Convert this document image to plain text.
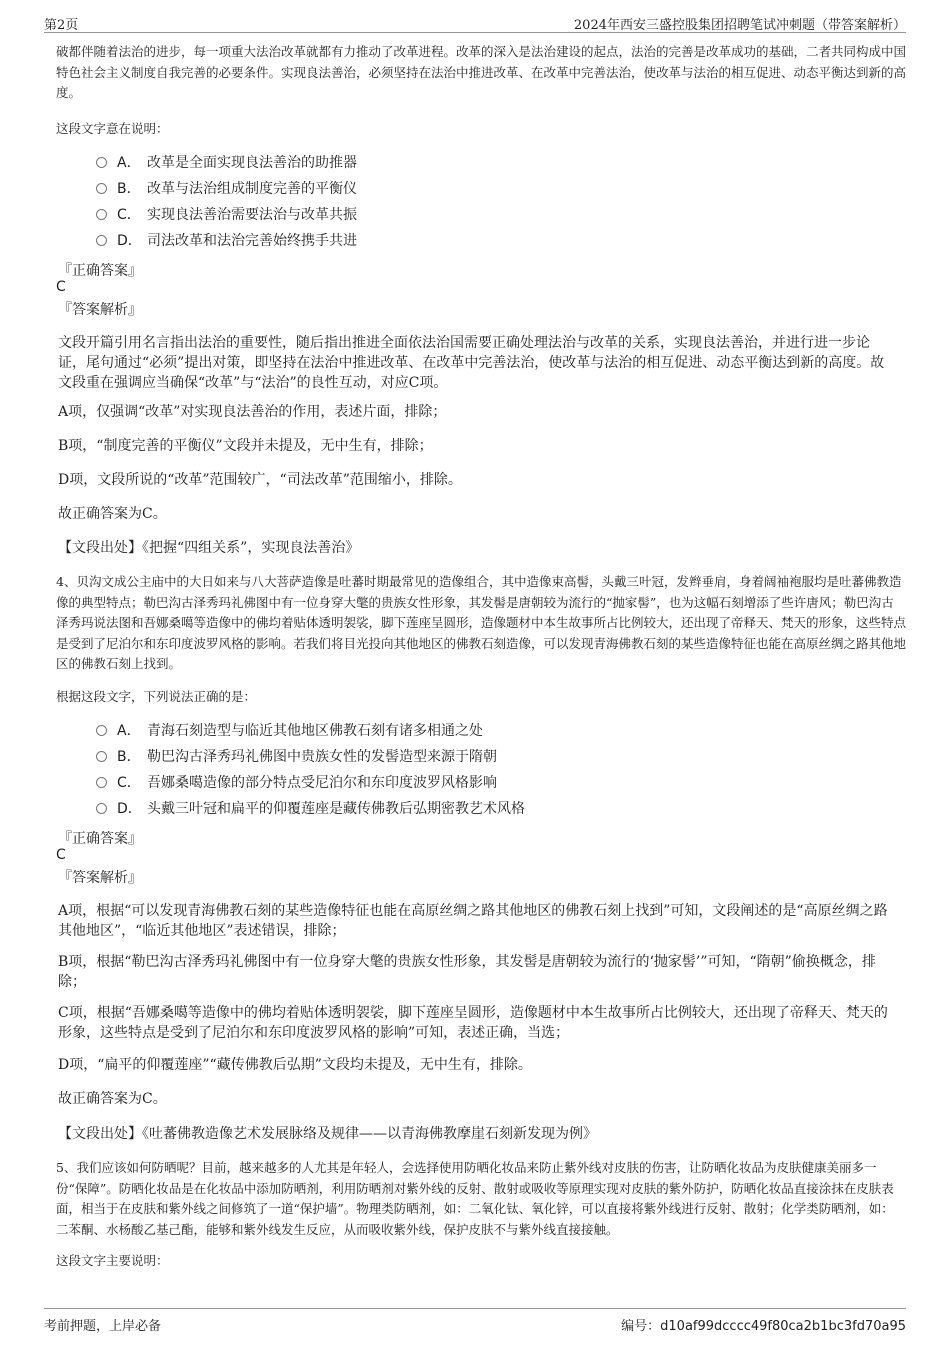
第2页	2024年西安三盛控股集团招聘笔试冲刺题（带答案解析）
破都伴随着法治的进步，每一项重大法治改革就都有力推动了改革进程。改革的深入是法治建设的起点，法治的完善是改革成功的基础，二者共同构成中国特色社会主义制度自我完善的必要条件。实现良法善治，必须坚持在法治中推进改革、在改革中完善法治，使改革与法治的相互促进、动态平衡达到新的高度。
这段文字意在说明：
A． 改革是全面实现良法善治的助推器
B． 改革与法治组成制度完善的平衡仪
C． 实现良法善治需要法治与改革共振
D． 司法改革和法治完善始终携手共进
『正确答案』
C
『答案解析』
文段开篇引用名言指出法治的重要性，随后指出推进全面依法治国需要正确处理法治与改革的关系，实现良法善治，并进行进一步论证，尾句通过“必须”提出对策，即坚持在法治中推进改革、在改革中完善法治，使改革与法治的相互促进、动态平衡达到新的高度。故文段重在强调应当确保“改革”与“法治”的良性互动，对应C项。
A项，仅强调“改革”对实现良法善治的作用，表述片面，排除；
B项，“制度完善的平衡仪”文段并未提及，无中生有，排除；
D项，文段所说的“改革”范围较广，“司法改革”范围缩小，排除。
故正确答案为C。
【文段出处】《把握“四组关系”，实现良法善治》
4、贝沟文成公主庙中的大日如来与八大菩萨造像是吐蕃时期最常见的造像组合，其中造像束高髻，头戴三叶冠，发辫垂肩，身着阔袖袍服均是吐蕃佛教造像的典型特点；勒巴沟古泽秀玛礼佛图中有一位身穿大氅的贵族女性形象，其发髻是唐朝较为流行的“抛家髻”，也为这幅石刻增添了些许唐风；勒巴沟古泽秀玛说法图和吾娜桑噶等造像中的佛均着贴体透明袈裟，脚下莲座呈圆形，造像题材中本生故事所占比例较大，还出现了帝释天、梵天的形象，这些特点是受到了尼泊尔和东印度波罗风格的影响。若我们将目光投向其他地区的佛教石刻造像，可以发现青海佛教石刻的某些造像特征也能在高原丝绸之路其他地区的佛教石刻上找到。
根据这段文字，下列说法正确的是：
A． 青海石刻造型与临近其他地区佛教石刻有诸多相通之处
B． 勒巴沟古泽秀玛礼佛图中贵族女性的发髻造型来源于隋朝
C． 吾娜桑噶造像的部分特点受尼泊尔和东印度波罗风格影响
D． 头戴三叶冠和扁平的仰覆莲座是藏传佛教后弘期密教艺术风格
『正确答案』
C
『答案解析』
A项，根据“可以发现青海佛教石刻的某些造像特征也能在高原丝绸之路其他地区的佛教石刻上找到”可知，文段阐述的是“高原丝绸之路其他地区”，“临近其他地区”表述错误，排除；
B项，根据“勒巴沟古泽秀玛礼佛图中有一位身穿大氅的贵族女性形象，其发髻是唐朝较为流行的‘抛家髻’”可知，“隋朝”偷换概念，排除；
C项，根据“吾娜桑噶等造像中的佛均着贴体透明袈裟，脚下莲座呈圆形，造像题材中本生故事所占比例较大，还出现了帝释天、梵天的形象，这些特点是受到了尼泊尔和东印度波罗风格的影响”可知，表述正确，当选；
D项，“扁平的仰覆莲座”“藏传佛教后弘期”文段均未提及，无中生有，排除。
故正确答案为C。
【文段出处】《吐蕃佛教造像艺术发展脉络及规律——以青海佛教摩崖石刻新发现为例》
5、我们应该如何防晒呢？目前，越来越多的人尤其是年轻人，会选择使用防晒化妆品来防止紫外线对皮肤的伤害，让防晒化妆品为皮肤健康美丽多一份“保障”。防晒化妆品是在化妆品中添加防晒剂，利用防晒剂对紫外线的反射、散射或吸收等原理实现对皮肤的紫外防护，防晒化妆品直接涂抹在皮肤表面，相当于在皮肤和紫外线之间修筑了一道“保护墙”。物理类防晒剂，如：二氧化钛、氧化锌，可以直接将紫外线进行反射、散射；化学类防晒剂，如：二苯酮、水杨酸乙基己酯，能够和紫外线发生反应，从而吸收紫外线，保护皮肤不与紫外线直接接触。
这段文字主要说明：
考前押题，上岸必备	编号：d10af99dcccc49f80ca2b1bc3fd70a95
